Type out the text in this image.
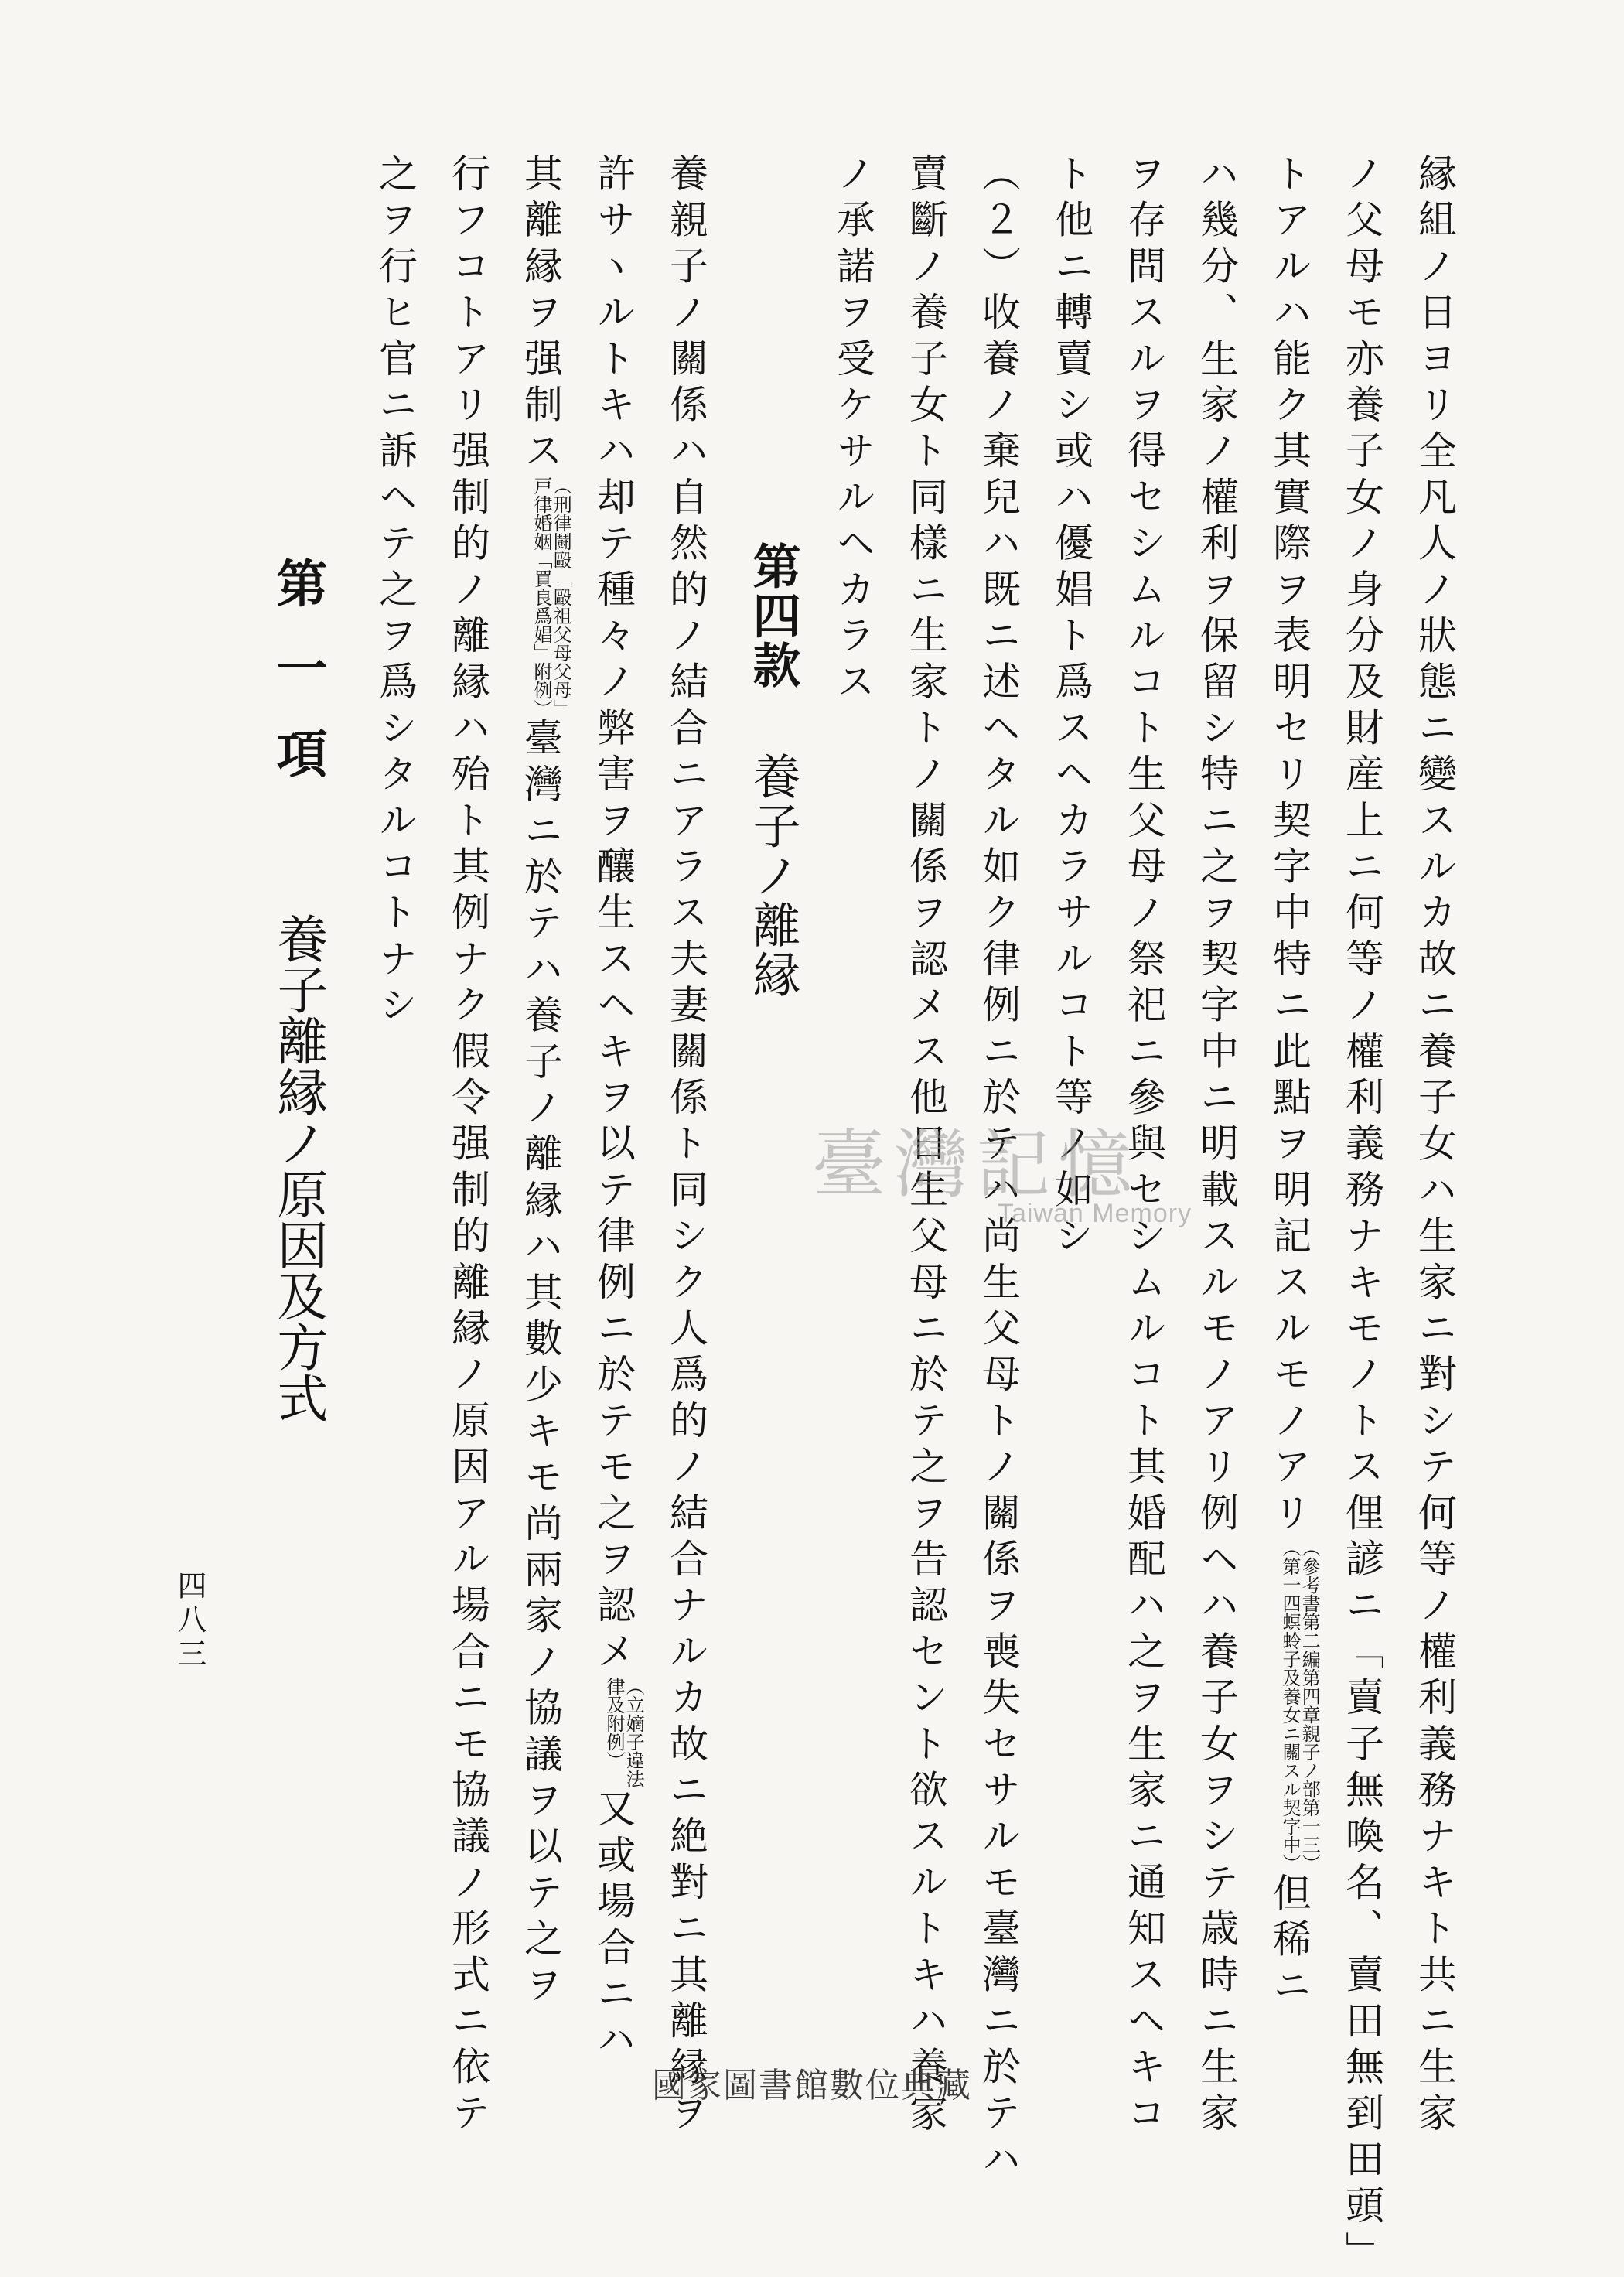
縁組ノ日ヨリ全凡人ノ狀態ニ變スルカ故ニ養子女ハ生家ニ對シテ何等ノ權利義務ナキト共ニ生家
ノ父母モ亦養子女ノ身分及財産上ニ何等ノ權利義務ナキモノトス俚諺ニ「賣子無喚名、賣田無到田頭」
トアルハ能ク其實際ヲ表明セリ契字中特ニ此點ヲ明記スルモノアリ
（參考書第二編第四章親子ノ部第一三）
（第一四螟蛉子及養女ニ關スル契字中）
但稀ニ
ハ幾分、生家ノ權利ヲ保留シ特ニ之ヲ契字中ニ明載スルモノアリ例ヘハ養子女ヲシテ歳時ニ生家
ヲ存問スルヲ得セシムルコト生父母ノ祭祀ニ參與セシムルコト其婚配ハ之ヲ生家ニ通知スヘキコ
ト他ニ轉賣シ或ハ優娼ト爲スヘカラサルコト等ノ如シ
（２）收養ノ棄兒ハ既ニ述ヘタル如ク律例ニ於テハ尚生父母トノ關係ヲ喪失セサルモ臺灣ニ於テハ
賣斷ノ養子女ト同樣ニ生家トノ關係ヲ認メス他日生父母ニ於テ之ヲ告認セント欲スルトキハ養家
ノ承諾ヲ受ケサルヘカラス
第四款養子ノ離縁
養親子ノ關係ハ自然的ノ結合ニアラス夫妻關係ト同シク人爲的ノ結合ナルカ故ニ絶對ニ其離縁ヲ
許サヽルトキハ却テ種々ノ弊害ヲ釀生スヘキヲ以テ律例ニ於テモ之ヲ認メ
（立嫡子違法
律及附例）
又或場合ニハ
其離縁ヲ强制ス
（刑律鬪毆「毆祖父母父母」
戸律婚姻「買良爲娼」附例）
臺灣ニ於テハ養子ノ離縁ハ其數少キモ尚兩家ノ協議ヲ以テ之ヲ
行フコトアリ强制的ノ離縁ハ殆ト其例ナク假令强制的離縁ノ原因アル場合ニモ協議ノ形式ニ依テ
之ヲ行ヒ官ニ訴ヘテ之ヲ爲シタルコトナシ
第一項養子離縁ノ原因及方式
四八三
臺灣記憶
Taiwan Memory
國家圖書館數位典藏
